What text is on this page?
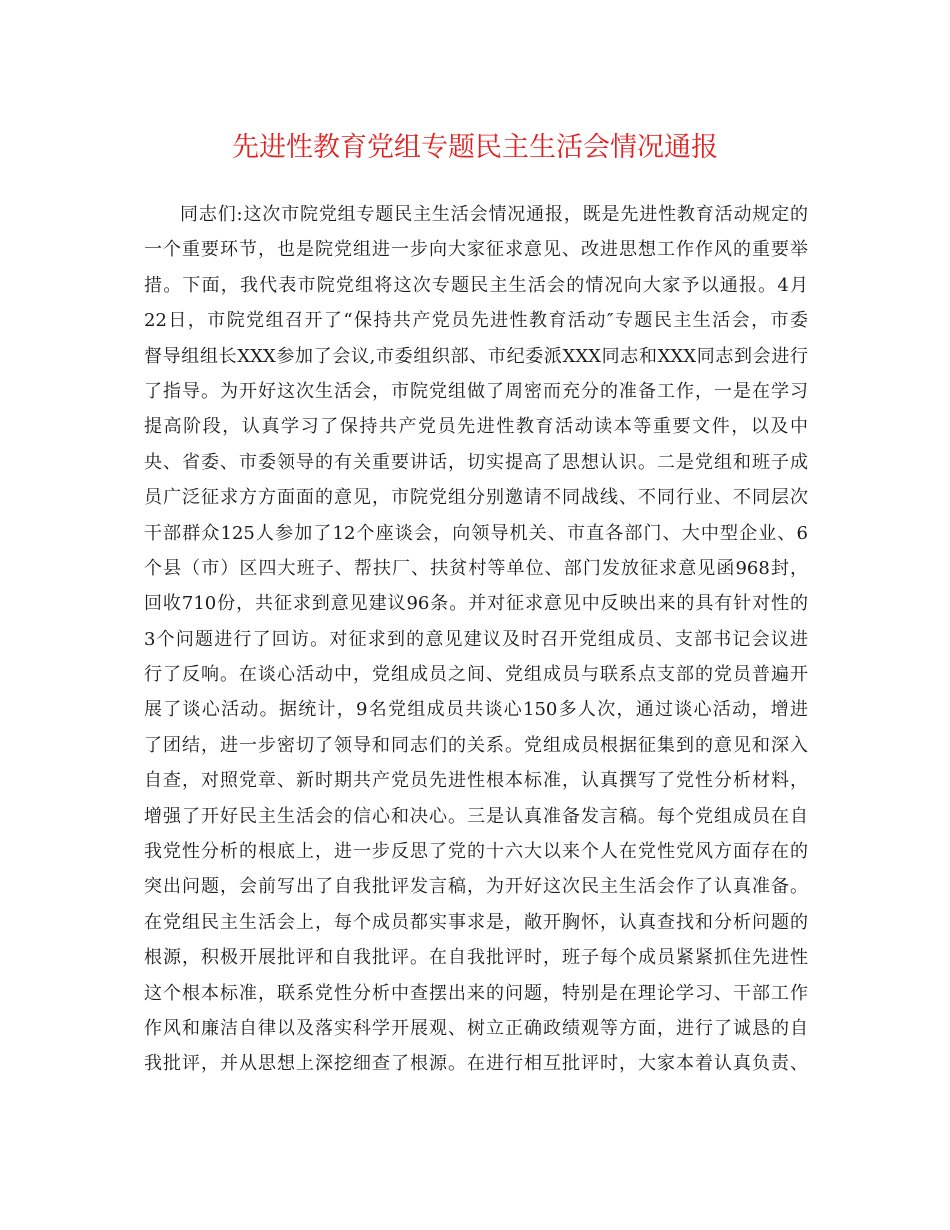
先进性教育党组专题民主生活会情况通报
同志们:这次市院党组专题民主生活会情况通报，既是先进性教育活动规定的
一个重要环节，也是院党组进一步向大家征求意见、改进思想工作作风的重要举
措。下面，我代表市院党组将这次专题民主生活会的情况向大家予以通报。4月
22日，市院党组召开了“保持共产党员先进性教育活动″专题民主生活会，市委
督导组组长XXX参加了会议,市委组织部、市纪委派XXX同志和XXX同志到会进行
了指导。为开好这次生活会，市院党组做了周密而充分的准备工作，一是在学习
提高阶段，认真学习了保持共产党员先进性教育活动读本等重要文件，以及中
央、省委、市委领导的有关重要讲话，切实提高了思想认识。二是党组和班子成
员广泛征求方方面面的意见，市院党组分别邀请不同战线、不同行业、不同层次
干部群众125人参加了12个座谈会，向领导机关、市直各部门、大中型企业、6
个县（市）区四大班子、帮扶厂、扶贫村等单位、部门发放征求意见函968封，
回收710份，共征求到意见建议96条。并对征求意见中反映出来的具有针对性的
3个问题进行了回访。对征求到的意见建议及时召开党组成员、支部书记会议进
行了反响。在谈心活动中，党组成员之间、党组成员与联系点支部的党员普遍开
展了谈心活动。据统计，9名党组成员共谈心150多人次，通过谈心活动，增进
了团结，进一步密切了领导和同志们的关系。党组成员根据征集到的意见和深入
自查，对照党章、新时期共产党员先进性根本标准，认真撰写了党性分析材料，
增强了开好民主生活会的信心和决心。三是认真准备发言稿。每个党组成员在自
我党性分析的根底上，进一步反思了党的十六大以来个人在党性党风方面存在的
突出问题，会前写出了自我批评发言稿，为开好这次民主生活会作了认真准备。
在党组民主生活会上，每个成员都实事求是，敞开胸怀，认真查找和分析问题的
根源，积极开展批评和自我批评。在自我批评时，班子每个成员紧紧抓住先进性
这个根本标准，联系党性分析中查摆出来的问题，特别是在理论学习、干部工作
作风和廉洁自律以及落实科学开展观、树立正确政绩观等方面，进行了诚恳的自
我批评，并从思想上深挖细查了根源。在进行相互批评时，大家本着认真负责、
